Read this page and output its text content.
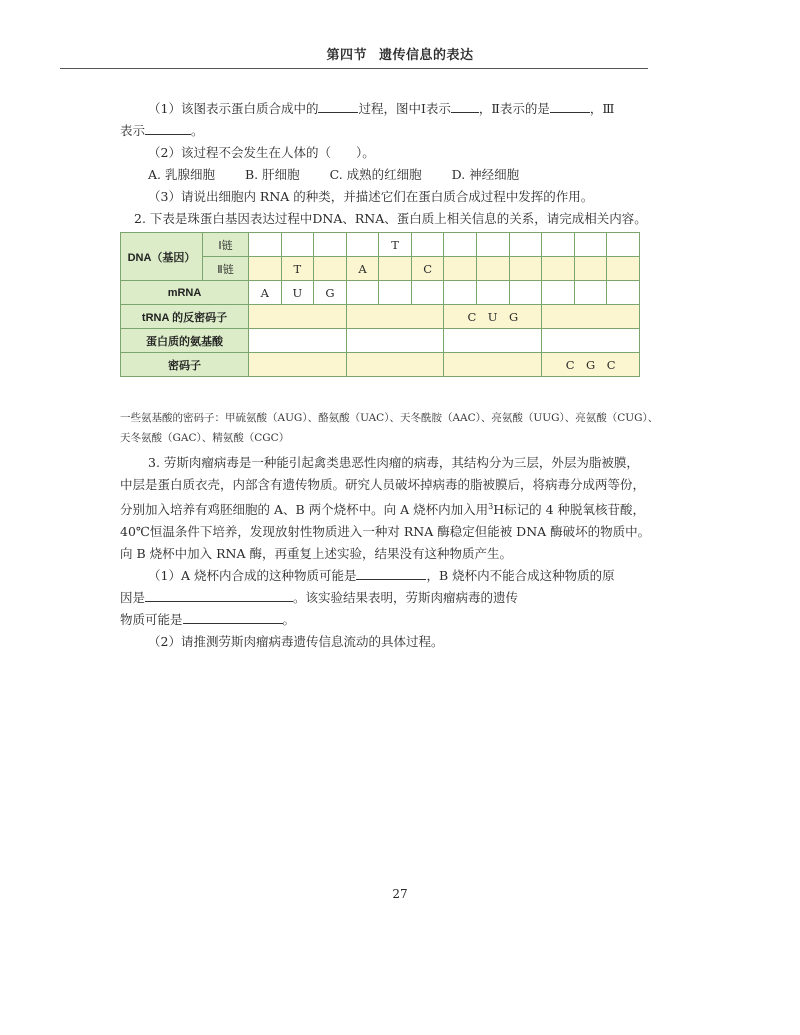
第四节 遗传信息的表达
（1）该图表示蛋白质合成中的	过程，图中Ⅰ表示 ，Ⅱ表示的是	，Ⅲ
表示	。
（2）该过程不会发生在人体的（　　）。
A. 乳腺细胞 B. 肝细胞 C. 成熟的红细胞 D. 神经细胞
（3）请说出细胞内 RNA 的种类，并描述它们在蛋白质合成过程中发挥的作用。
2. 下表是珠蛋白基因表达过程中DNA、RNA、蛋白质上相关信息的关系，请完成相关内容。
DNA（基因）	Ⅰ链					T							
	Ⅱ链		T		A		C						
mRNA		A	U	G									
tRNA 的反密码子								C　U　G					
蛋白质的氨基酸													
密码子											C　G　C		
一些氨基酸的密码子：甲硫氨酸（AUG）、酪氨酸（UAC）、天冬酰胺（AAC）、亮氨酸（UUG）、亮氨酸（CUG）、
天冬氨酸（GAC）、精氨酸（CGC）
3. 劳斯肉瘤病毒是一种能引起禽类患恶性肉瘤的病毒，其结构分为三层，外层为脂被膜，
中层是蛋白质衣壳，内部含有遗传物质。研究人员破坏掉病毒的脂被膜后，将病毒分成两等份，
分别加入培养有鸡胚细胞的 A、B 两个烧杯中。向 A 烧杯内加入用$^3$H标记的 4 种脱氧核苷酸，
40℃恒温条件下培养，发现放射性物质进入一种对 RNA 酶稳定但能被 DNA 酶破坏的物质中。
向 B 烧杯中加入 RNA 酶，再重复上述实验，结果没有这种物质产生。
（1）A 烧杯内合成的这种物质可能是	，B 烧杯内不能合成这种物质的原
因是	。该实验结果表明，劳斯肉瘤病毒的遗传
物质可能是	。
（2）请推测劳斯肉瘤病毒遗传信息流动的具体过程。
27
